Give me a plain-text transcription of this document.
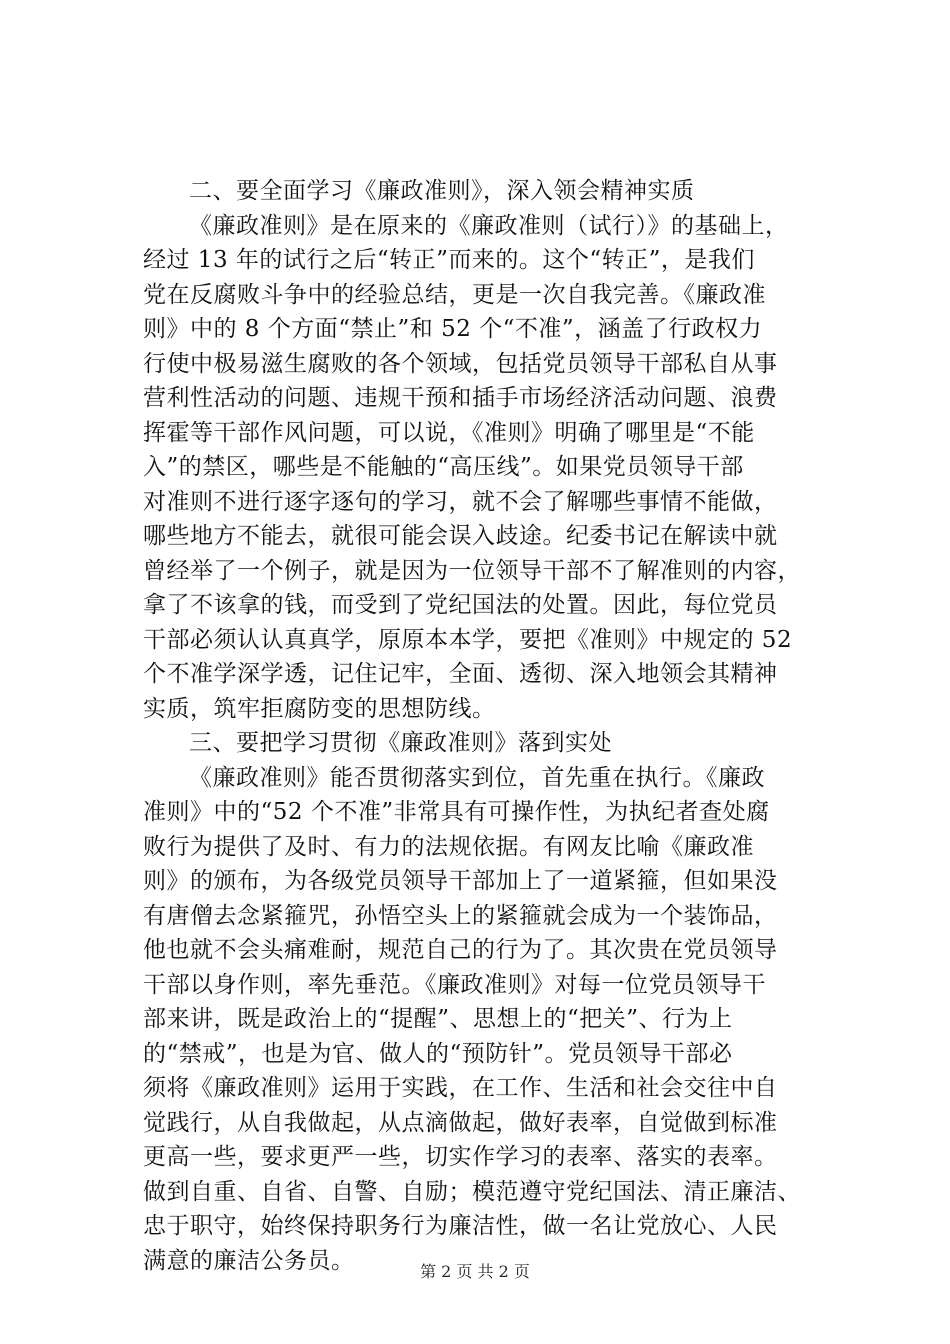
二、要全面学习《廉政准则》，深入领会精神实质
《廉政准则》是在原来的《廉政准则（试行）》的基础上，
经过 13 年的试行之后“转正”而来的。这个“转正”，是我们
党在反腐败斗争中的经验总结，更是一次自我完善。《廉政准
则》中的 8 个方面“禁止”和 52 个“不准”，涵盖了行政权力
行使中极易滋生腐败的各个领域，包括党员领导干部私自从事
营利性活动的问题、违规干预和插手市场经济活动问题、浪费
挥霍等干部作风问题，可以说，《准则》明确了哪里是“不能
入”的禁区，哪些是不能触的“高压线”。如果党员领导干部
对准则不进行逐字逐句的学习，就不会了解哪些事情不能做，
哪些地方不能去，就很可能会误入歧途。纪委书记在解读中就
曾经举了一个例子，就是因为一位领导干部不了解准则的内容，
拿了不该拿的钱，而受到了党纪国法的处置。因此，每位党员
干部必须认认真真学，原原本本学，要把《准则》中规定的 52
个不准学深学透，记住记牢，全面、透彻、深入地领会其精神
实质，筑牢拒腐防变的思想防线。
三、要把学习贯彻《廉政准则》落到实处
《廉政准则》能否贯彻落实到位，首先重在执行。《廉政
准则》中的“52 个不准”非常具有可操作性，为执纪者查处腐
败行为提供了及时、有力的法规依据。有网友比喻《廉政准
则》的颁布，为各级党员领导干部加上了一道紧箍，但如果没
有唐僧去念紧箍咒，孙悟空头上的紧箍就会成为一个装饰品，
他也就不会头痛难耐，规范自己的行为了。其次贵在党员领导
干部以身作则，率先垂范。《廉政准则》对每一位党员领导干
部来讲，既是政治上的“提醒”、思想上的“把关”、行为上
的“禁戒”，也是为官、做人的“预防针”。党员领导干部必
须将《廉政准则》运用于实践，在工作、生活和社会交往中自
觉践行，从自我做起，从点滴做起，做好表率，自觉做到标准
更高一些，要求更严一些，切实作学习的表率、落实的表率。
做到自重、自省、自警、自励；模范遵守党纪国法、清正廉洁、
忠于职守，始终保持职务行为廉洁性，做一名让党放心、人民
满意的廉洁公务员。	第 2 页 共 2 页
